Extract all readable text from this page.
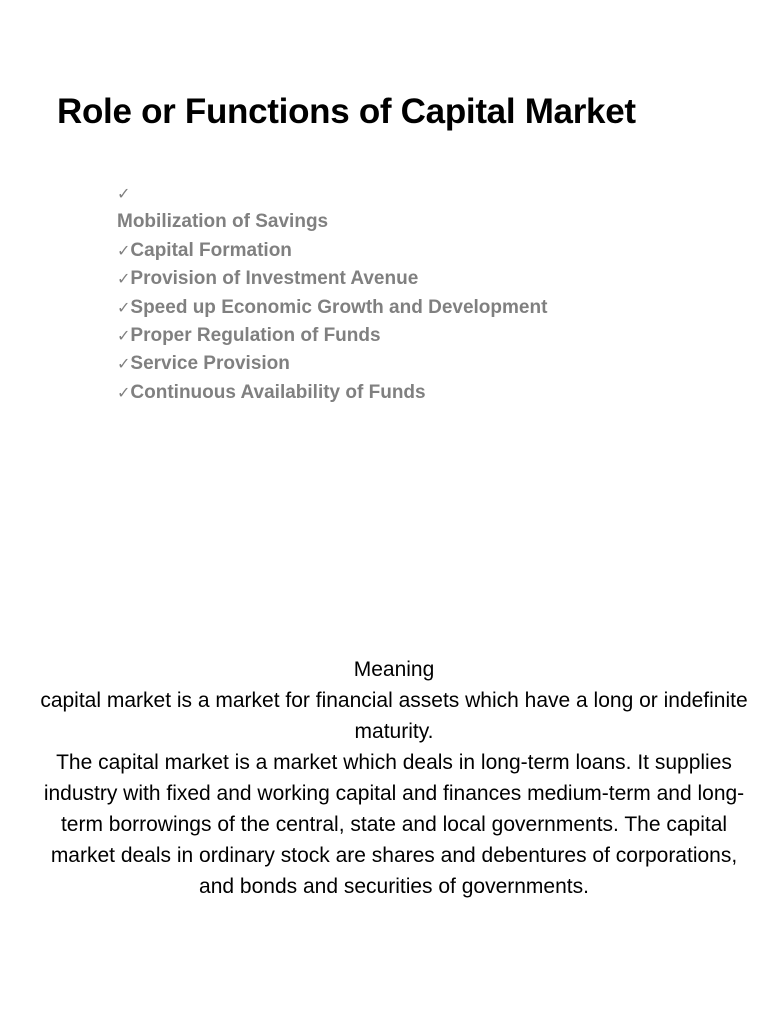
Role or Functions of Capital Market
✓
Mobilization of Savings
✓Capital Formation
✓Provision of Investment Avenue
✓Speed up Economic Growth and Development
✓Proper Regulation of Funds
✓Service Provision
✓Continuous Availability of Funds

Meaning

capital market is a market for financial assets which have a long or indefinite maturity.

The capital market is a market which deals in long-term loans. It supplies industry with fixed and working capital and finances medium-term and long-term borrowings of the central, state and local governments. The capital market deals in ordinary stock are shares and debentures of corporations, and bonds and securities of governments.
